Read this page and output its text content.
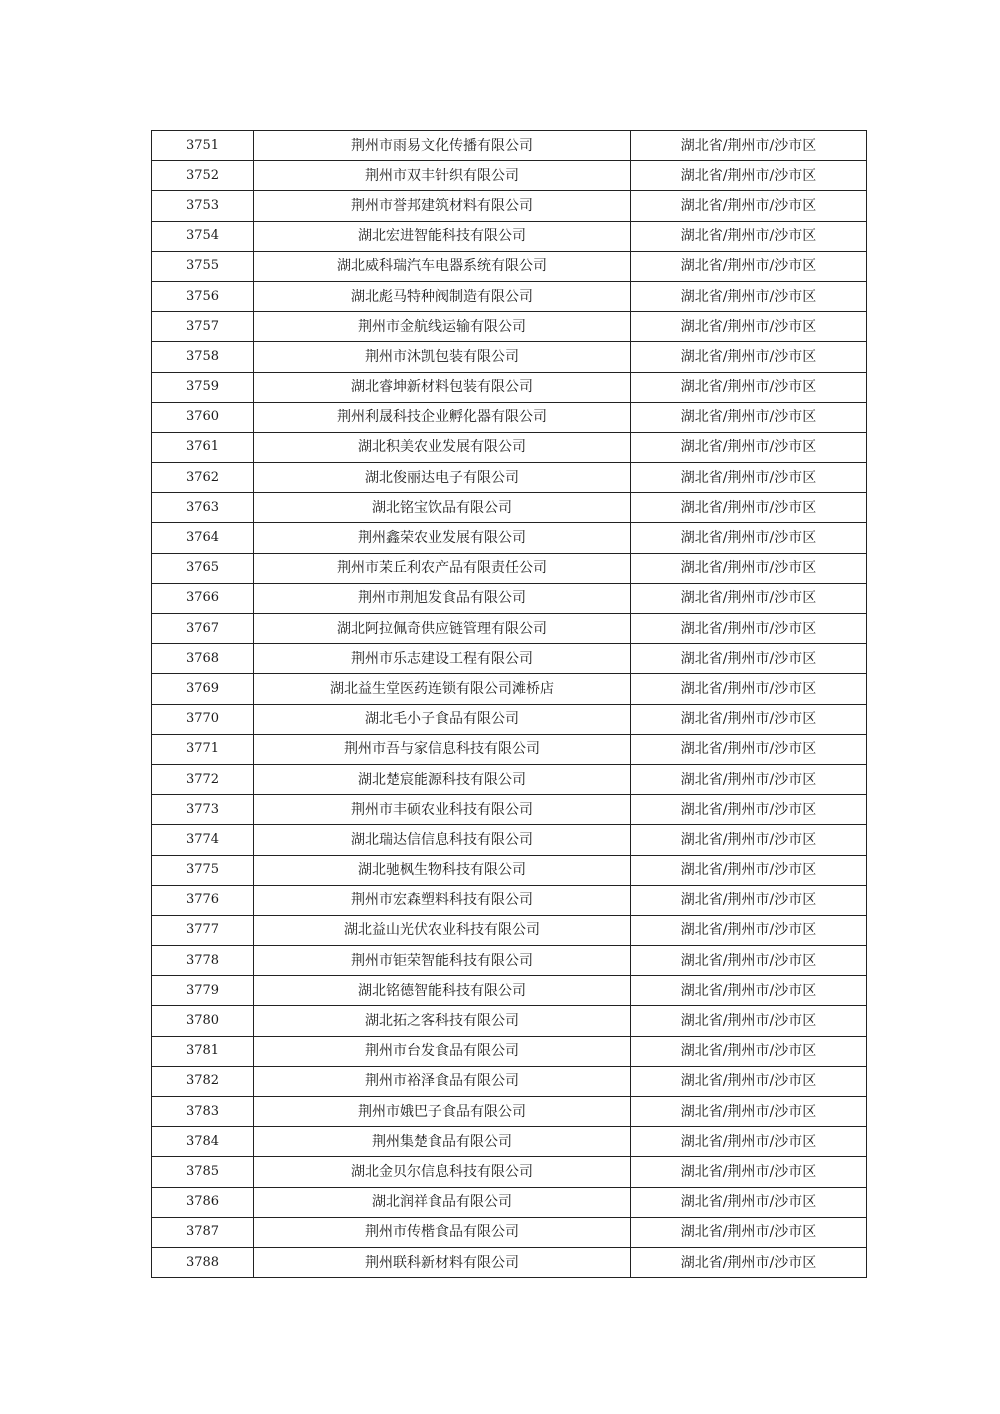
3751	荆州市雨易文化传播有限公司	湖北省/荆州市/沙市区
3752	荆州市双丰针织有限公司	湖北省/荆州市/沙市区
3753	荆州市誉邦建筑材料有限公司	湖北省/荆州市/沙市区
3754	湖北宏进智能科技有限公司	湖北省/荆州市/沙市区
3755	湖北威科瑞汽车电器系统有限公司	湖北省/荆州市/沙市区
3756	湖北彪马特种阀制造有限公司	湖北省/荆州市/沙市区
3757	荆州市金航线运输有限公司	湖北省/荆州市/沙市区
3758	荆州市沐凯包装有限公司	湖北省/荆州市/沙市区
3759	湖北睿坤新材料包装有限公司	湖北省/荆州市/沙市区
3760	荆州利晟科技企业孵化器有限公司	湖北省/荆州市/沙市区
3761	湖北积美农业发展有限公司	湖北省/荆州市/沙市区
3762	湖北俊丽达电子有限公司	湖北省/荆州市/沙市区
3763	湖北铭宝饮品有限公司	湖北省/荆州市/沙市区
3764	荆州鑫荣农业发展有限公司	湖北省/荆州市/沙市区
3765	荆州市茉丘利农产品有限责任公司	湖北省/荆州市/沙市区
3766	荆州市荆旭发食品有限公司	湖北省/荆州市/沙市区
3767	湖北阿拉佩奇供应链管理有限公司	湖北省/荆州市/沙市区
3768	荆州市乐志建设工程有限公司	湖北省/荆州市/沙市区
3769	湖北益生堂医药连锁有限公司滩桥店	湖北省/荆州市/沙市区
3770	湖北毛小子食品有限公司	湖北省/荆州市/沙市区
3771	荆州市吾与家信息科技有限公司	湖北省/荆州市/沙市区
3772	湖北楚宸能源科技有限公司	湖北省/荆州市/沙市区
3773	荆州市丰硕农业科技有限公司	湖北省/荆州市/沙市区
3774	湖北瑞达信信息科技有限公司	湖北省/荆州市/沙市区
3775	湖北驰枫生物科技有限公司	湖北省/荆州市/沙市区
3776	荆州市宏森塑料科技有限公司	湖北省/荆州市/沙市区
3777	湖北益山光伏农业科技有限公司	湖北省/荆州市/沙市区
3778	荆州市钜荣智能科技有限公司	湖北省/荆州市/沙市区
3779	湖北铭德智能科技有限公司	湖北省/荆州市/沙市区
3780	湖北拓之客科技有限公司	湖北省/荆州市/沙市区
3781	荆州市台发食品有限公司	湖北省/荆州市/沙市区
3782	荆州市裕泽食品有限公司	湖北省/荆州市/沙市区
3783	荆州市娥巴子食品有限公司	湖北省/荆州市/沙市区
3784	荆州集楚食品有限公司	湖北省/荆州市/沙市区
3785	湖北金贝尔信息科技有限公司	湖北省/荆州市/沙市区
3786	湖北润祥食品有限公司	湖北省/荆州市/沙市区
3787	荆州市传楷食品有限公司	湖北省/荆州市/沙市区
3788	荆州联科新材料有限公司	湖北省/荆州市/沙市区
